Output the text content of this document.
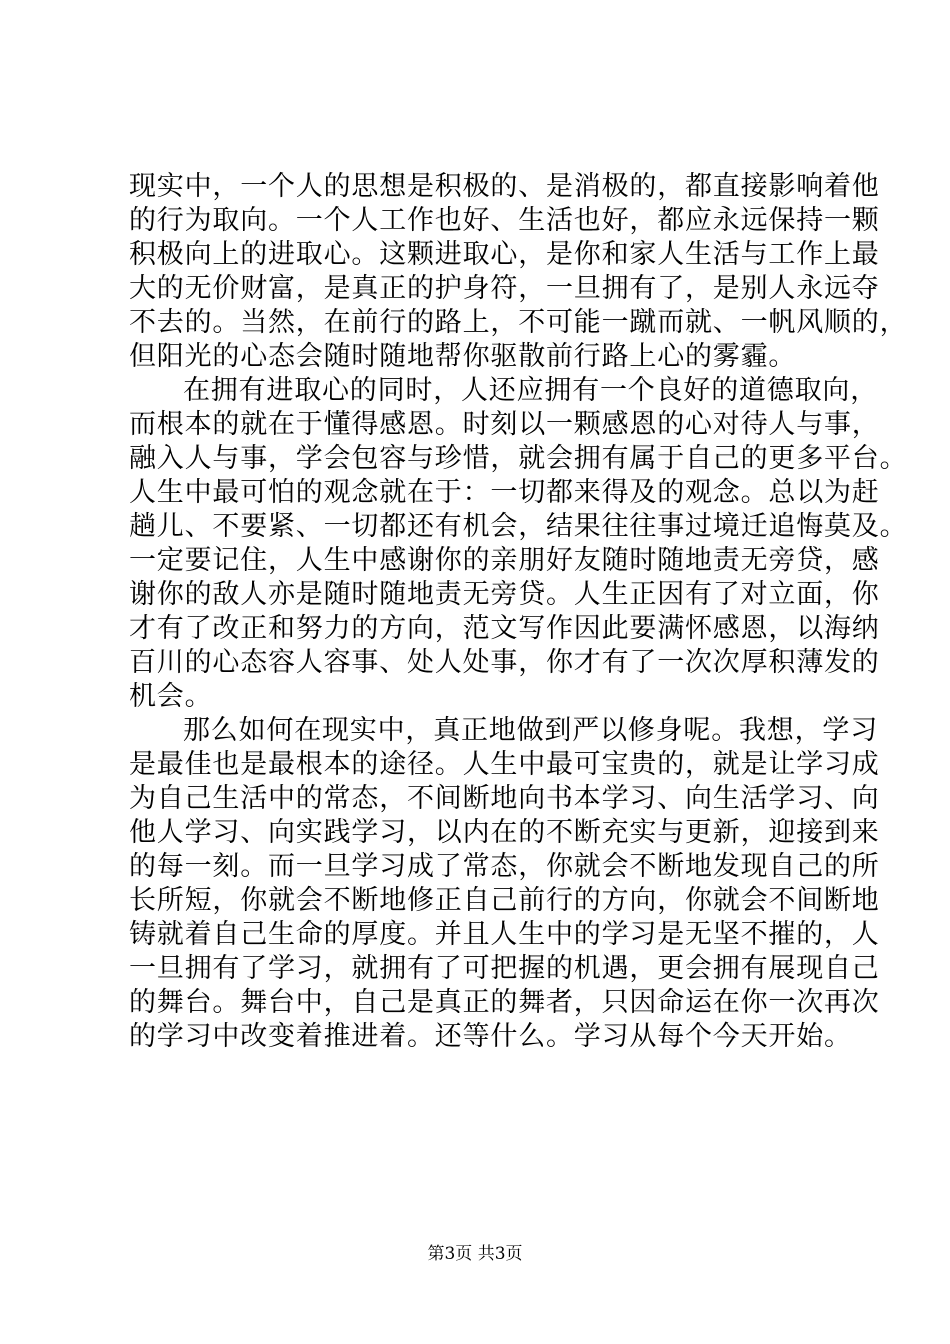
现实中，一个人的思想是积极的、是消极的，都直接影响着他
的行为取向。一个人工作也好、生活也好，都应永远保持一颗
积极向上的进取心。这颗进取心，是你和家人生活与工作上最
大的无价财富，是真正的护身符，一旦拥有了，是别人永远夺
不去的。当然，在前行的路上，不可能一蹴而就、一帆风顺的，
但阳光的心态会随时随地帮你驱散前行路上心的雾霾。
在拥有进取心的同时，人还应拥有一个良好的道德取向，
而根本的就在于懂得感恩。时刻以一颗感恩的心对待人与事，
融入人与事，学会包容与珍惜，就会拥有属于自己的更多平台。
人生中最可怕的观念就在于：一切都来得及的观念。总以为赶
趟儿、不要紧、一切都还有机会，结果往往事过境迁追悔莫及。
一定要记住，人生中感谢你的亲朋好友随时随地责无旁贷，感
谢你的敌人亦是随时随地责无旁贷。人生正因有了对立面，你
才有了改正和努力的方向，范文写作因此要满怀感恩，以海纳
百川的心态容人容事、处人处事，你才有了一次次厚积薄发的
机会。
那么如何在现实中，真正地做到严以修身呢。我想，学习
是最佳也是最根本的途径。人生中最可宝贵的，就是让学习成
为自己生活中的常态，不间断地向书本学习、向生活学习、向
他人学习、向实践学习，以内在的不断充实与更新，迎接到来
的每一刻。而一旦学习成了常态，你就会不断地发现自己的所
长所短，你就会不断地修正自己前行的方向，你就会不间断地
铸就着自己生命的厚度。并且人生中的学习是无坚不摧的，人
一旦拥有了学习，就拥有了可把握的机遇，更会拥有展现自己
的舞台。舞台中，自己是真正的舞者，只因命运在你一次再次
的学习中改变着推进着。还等什么。学习从每个今天开始。
第3页 共3页
